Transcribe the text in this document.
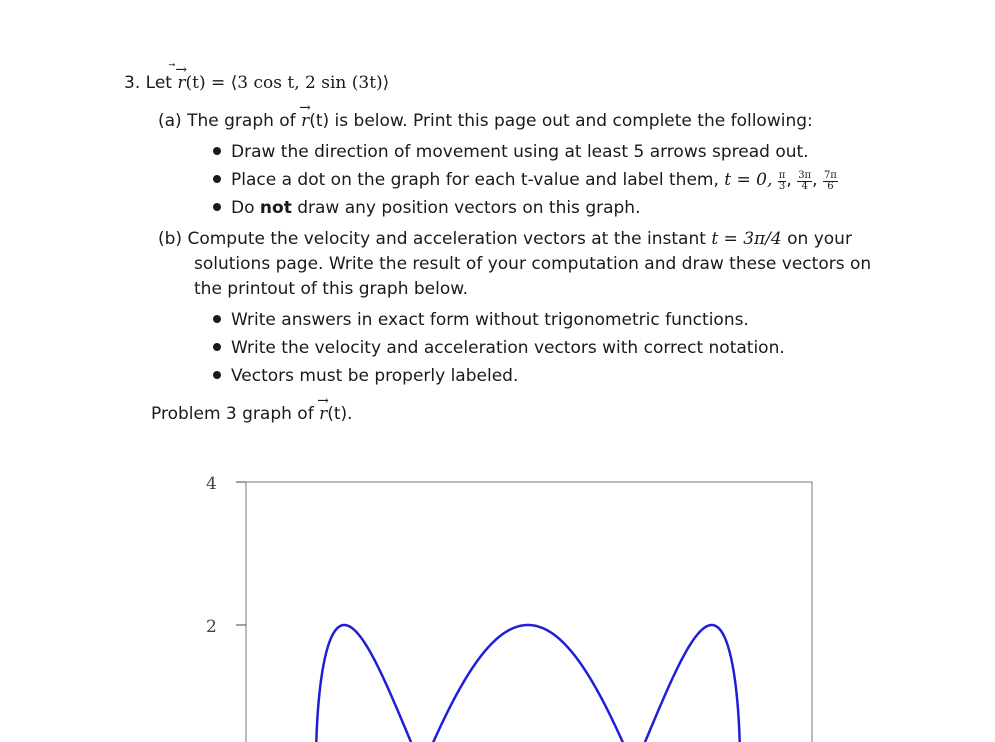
3. Let
⃗→
r(t) = ⟨3 cos t, 2 sin (3t)⟩
(a) The graph of
→
r(t) is below. Print this page out and complete the following:
Draw the direction of movement using at least 5 arrows spread out.
Place a dot on the graph for each t-value and label them, t = 0, $\frac{\pi}{3}$ , $\frac{3\pi}{4}$ , $\frac{7\pi}{6}$
Do not draw any position vectors on this graph.
(b) Compute the velocity and acceleration vectors at the instant t = 3π/4 on your
solutions page. Write the result of your computation and draw these vectors on
the printout of this graph below.
Write answers in exact form without trigonometric functions.
Write the velocity and acceleration vectors with correct notation.
Vectors must be properly labeled.
Problem 3 graph of
→
r(t).
4
2
